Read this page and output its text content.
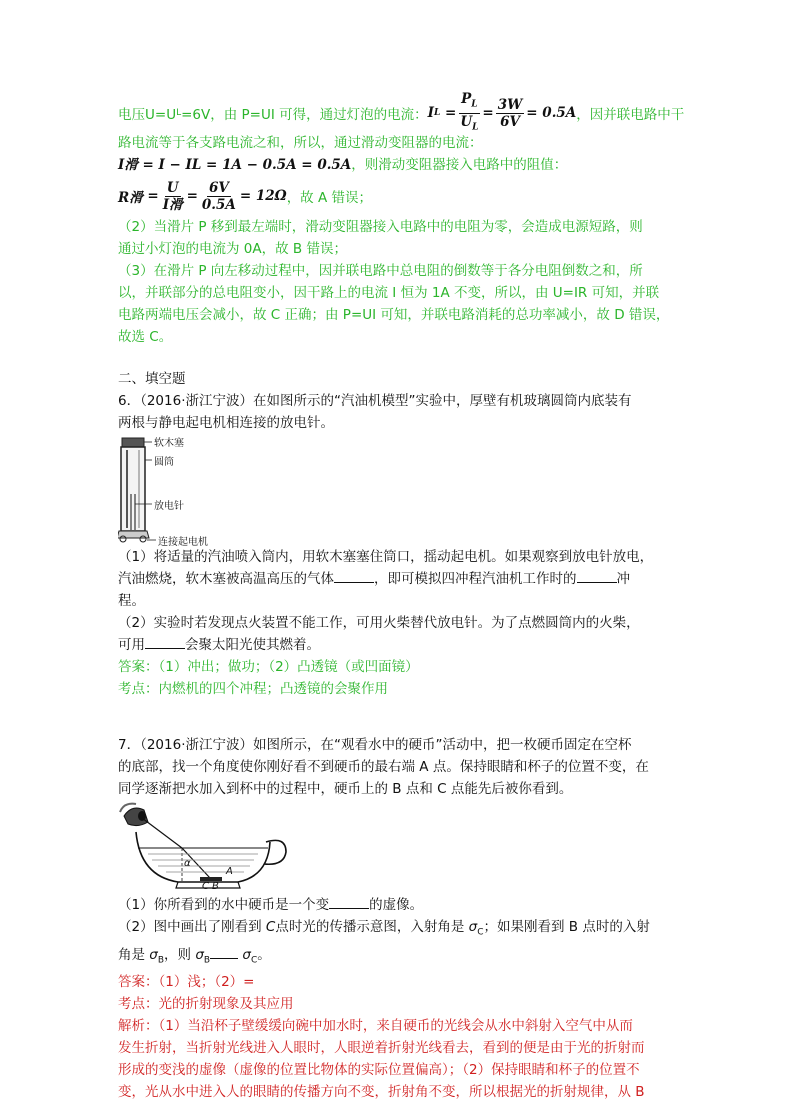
电压U=U L =6V，由 P=UI 可得，通过灯泡的电流： I $L = \frac{P_L}{U_L} = \frac{3W}{6V} = 0.5A$ ，因并联电路中干
路电流等于各支路电流之和，所以，通过滑动变阻器的电流：
I滑 = I − IL = 1A − 0.5A = 0.5A，则滑动变阻器接入电路中的阻值：
R滑 = $\frac{U}{\text{I滑}} = \frac{6V}{0.5A} = 12\Omega$ ，故 A 错误；
（2）当滑片 P 移到最左端时，滑动变阻器接入电路中的电阻为零，会造成电源短路，则
通过小灯泡的电流为 0A，故 B 错误；
（3）在滑片 P 向左移动过程中，因并联电路中总电阻的倒数等于各分电阻倒数之和，所
以，并联部分的总电阻变小，因干路上的电流 I 恒为 1A 不变，所以，由 U=IR 可知，并联
电路两端电压会减小，故 C 正确；由 P=UI 可知，并联电路消耗的总功率减小，故 D 错误，
故选 C。
二、填空题
6．（2016·浙江宁波）在如图所示的“汽油机模型”实验中，厚壁有机玻璃圆筒内底装有
两根与静电起电机相连接的放电针。
软木塞
圆筒
放电针
连接起电机
（1）将适量的汽油喷入筒内，用软木塞塞住筒口，摇动起电机。如果观察到放电针放电，
汽油燃烧，软木塞被高温高压的气体	，即可模拟四冲程汽油机工作时的	冲
程。
（2）实验时若发现点火装置不能工作，可用火柴替代放电针。为了点燃圆筒内的火柴，
可用	会聚太阳光使其燃着。
答案：（1）冲出；做功；（2）凸透镜（或凹面镜）
考点：内燃机的四个冲程；凸透镜的会聚作用
7．（2016·浙江宁波）如图所示，在“观看水中的硬币”活动中，把一枚硬币固定在空杯
的底部，找一个角度使你刚好看不到硬币的最右端 A 点。保持眼睛和杯子的位置不变，在
同学逐渐把水加入到杯中的过程中，硬币上的 B 点和 C 点能先后被你看到。
α
C B
A
（1）你所看到的水中硬币是一个变	的虚像。
（2）图中画出了刚看到 C点时光的传播示意图，入射角是 $\sigma_C$；如果刚看到 B 点时的入射
角是 $\sigma_B$，则 $\sigma_B$ $\sigma_C$。
答案：（1）浅；（2）=
考点：光的折射现象及其应用
解析：（1）当沿杯子壁缓缓向碗中加水时，来自硬币的光线会从水中斜射入空气中从而
发生折射，当折射光线进入人眼时，人眼逆着折射光线看去，看到的便是由于光的折射而
形成的变浅的虚像（虚像的位置比物体的实际位置偏高）；（2）保持眼睛和杯子的位置不
变，光从水中进入人的眼睛的传播方向不变，折射角不变，所以根据光的折射规律，从 B
